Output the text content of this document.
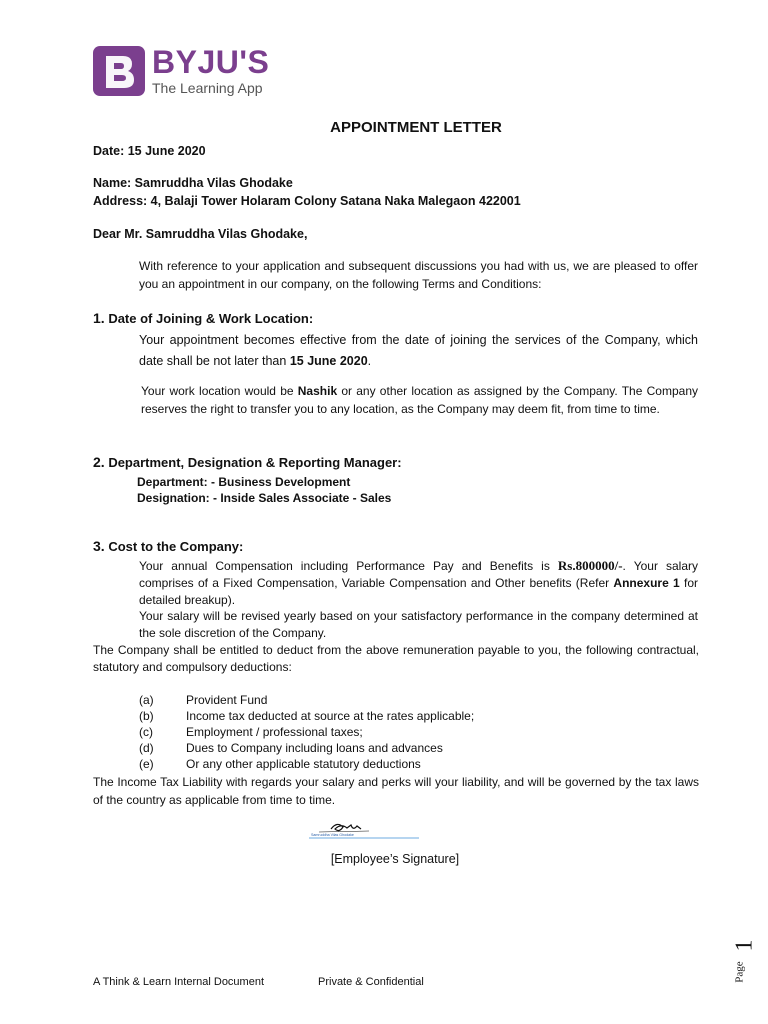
BYJU'S
The Learning App
APPOINTMENT LETTER
Date: 15 June 2020
Name: Samruddha Vilas Ghodake
Address: 4, Balaji Tower Holaram Colony Satana Naka Malegaon 422001
Dear Mr. Samruddha Vilas Ghodake,
With reference to your application and subsequent discussions you had with us, we are pleased to offer you an appointment in our company, on the following Terms and Conditions:
1. Date of Joining & Work Location:
Your appointment becomes effective from the date of joining the services of the Company, which date shall be not later than 15 June 2020.
Your work location would be Nashik or any other location as assigned by the Company. The Company reserves the right to transfer you to any location, as the Company may deem fit, from time to time.
2. Department, Designation & Reporting Manager:
Department: - Business Development
Designation: - Inside Sales Associate - Sales
3. Cost to the Company:
Your annual Compensation including Performance Pay and Benefits is Rs.800000/-. Your salary comprises of a Fixed Compensation, Variable Compensation and Other benefits (Refer Annexure 1 for detailed breakup).
Your salary will be revised yearly based on your satisfactory performance in the company determined at the sole discretion of the Company.
The Company shall be entitled to deduct from the above remuneration payable to you, the following contractual, statutory and compulsory deductions:
(a)	Provident Fund
(b)	Income tax deducted at source at the rates applicable;
(c)	Employment / professional taxes;
(d)	Dues to Company including loans and advances
(e)	Or any other applicable statutory deductions
The Income Tax Liability with regards your salary and perks will your liability, and will be governed by the tax laws of the country as applicable from time to time.
Samruddha Vilas Ghodake
[Employee’s Signature]
A Think & Learn Internal Document	Private & Confidential	Page
1
